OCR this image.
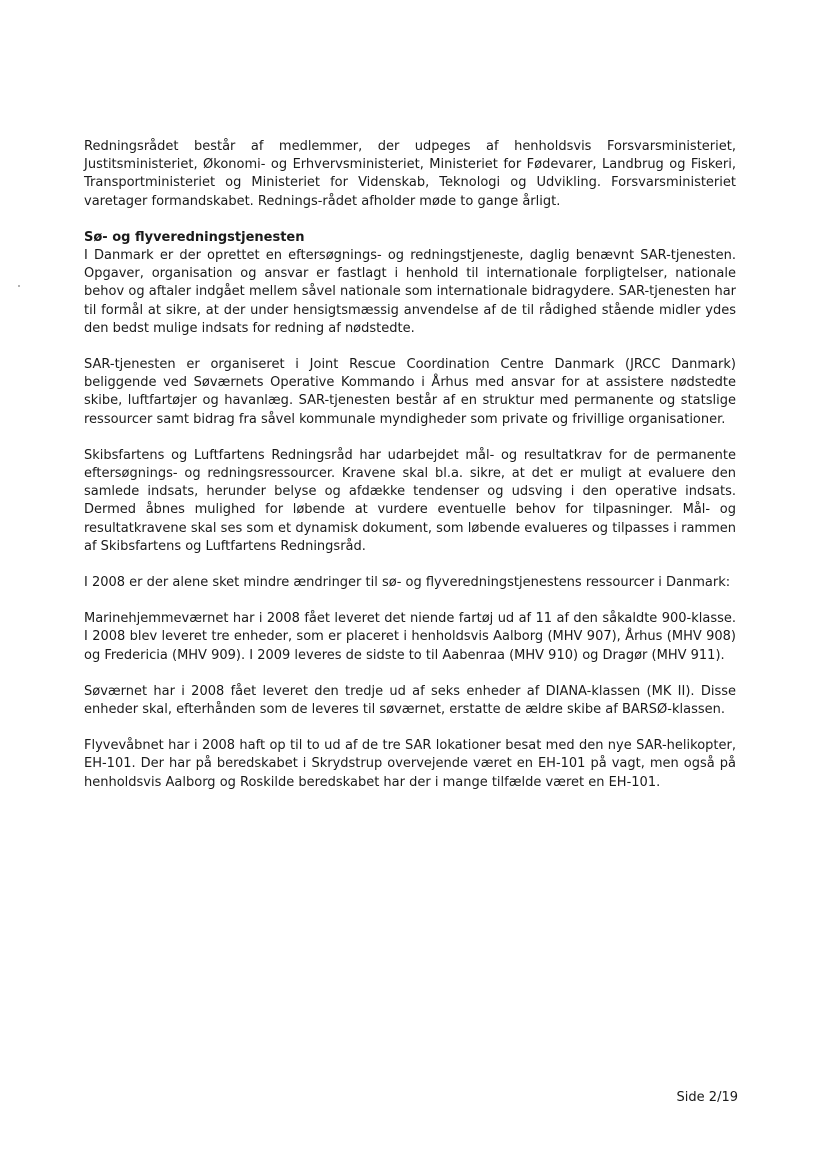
Redningsrådet består af medlemmer, der udpeges af henholdsvis Forsvarsministeriet, Justitsministeriet, Økonomi- og Erhvervsministeriet, Ministeriet for Fødevarer, Landbrug og Fiskeri, Transportministeriet og Ministeriet for Videnskab, Teknologi og Udvikling. Forsvarsministeriet varetager formandskabet. Rednings-rådet afholder møde to gange årligt.

Sø- og flyveredningstjenesten

I Danmark er der oprettet en eftersøgnings- og redningstjeneste, daglig benævnt SAR-tjenesten. Opgaver, organisation og ansvar er fastlagt i henhold til internationale forpligtelser, nationale behov og aftaler indgået mellem såvel nationale som internationale bidragydere. SAR-tjenesten har til formål at sikre, at der under hensigtsmæssig anvendelse af de til rådighed stående midler ydes den bedst mulige indsats for redning af nødstedte.

SAR-tjenesten er organiseret i Joint Rescue Coordination Centre Danmark (JRCC Danmark) beliggende ved Søværnets Operative Kommando i Århus med ansvar for at assistere nødstedte skibe, luftfartøjer og havanlæg. SAR-tjenesten består af en struktur med permanente og statslige ressourcer samt bidrag fra såvel kommunale myndigheder som private og frivillige organisationer.

Skibsfartens og Luftfartens Redningsråd har udarbejdet mål- og resultatkrav for de permanente eftersøgnings- og redningsressourcer. Kravene skal bl.a. sikre, at det er muligt at evaluere den samlede indsats, herunder belyse og afdække tendenser og udsving i den operative indsats. Dermed åbnes mulighed for løbende at vurdere eventuelle behov for tilpasninger. Mål- og resultatkravene skal ses som et dynamisk dokument, som løbende evalueres og tilpasses i rammen af Skibsfartens og Luftfartens Redningsråd.

I 2008 er der alene sket mindre ændringer til sø- og flyveredningstjenestens ressourcer i Danmark:

Marinehjemmeværnet har i 2008 fået leveret det niende fartøj ud af 11 af den såkaldte 900-klasse. I 2008 blev leveret tre enheder, som er placeret i henholdsvis Aalborg (MHV 907), Århus (MHV 908) og Fredericia (MHV 909). I 2009 leveres de sidste to til Aabenraa (MHV 910) og Dragør (MHV 911).

Søværnet har i 2008 fået leveret den tredje ud af seks enheder af DIANA-klassen (MK II). Disse enheder skal, efterhånden som de leveres til søværnet, erstatte de ældre skibe af BARSØ-klassen.

Flyvevåbnet har i 2008 haft op til to ud af de tre SAR lokationer besat med den nye SAR-helikopter, EH-101. Der har på beredskabet i Skrydstrup overvejende været en EH-101 på vagt, men også på henholdsvis Aalborg og Roskilde beredskabet har der i mange tilfælde været en EH-101.

Side 2/19
